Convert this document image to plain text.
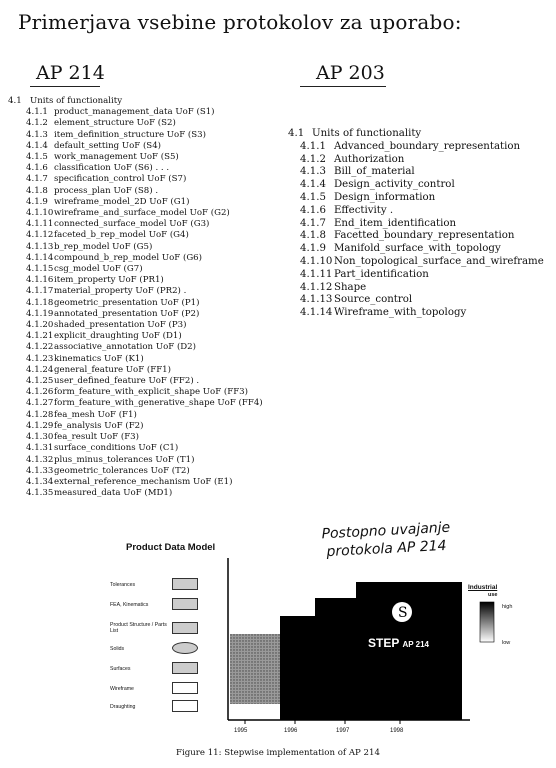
Primerjava vsebine protokolov za uporabo:
AP 214	AP 203
4.1 Units of functionality
4.1.1 product_management_data UoF (S1)
4.1.2 element_structure UoF (S2)
4.1.3 item_definition_structure UoF (S3)
4.1.4 default_setting UoF (S4)
4.1.5 work_management UoF (S5)
4.1.6 classification UoF (S6) . . .
4.1.7 specification_control UoF (S7)
4.1.8 process_plan UoF (S8) .
4.1.9 wireframe_model_2D UoF (G1)
4.1.10 wireframe_and_surface_model UoF (G2)
4.1.11 connected_surface_model UoF (G3)
4.1.12 faceted_b_rep_model UoF (G4)
4.1.13 b_rep_model UoF (G5)
4.1.14 compound_b_rep_model UoF (G6)
4.1.15 csg_model UoF (G7)
4.1.16 item_property UoF (PR1)
4.1.17 material_property UoF (PR2) .
4.1.18 geometric_presentation UoF (P1)
4.1.19 annotated_presentation UoF (P2)
4.1.20 shaded_presentation UoF (P3)
4.1.21 explicit_draughting UoF (D1)
4.1.22 associative_annotation UoF (D2)
4.1.23 kinematics UoF (K1)
4.1.24 general_feature UoF (FF1)
4.1.25 user_defined_feature UoF (FF2) .
4.1.26 form_feature_with_explicit_shape UoF (FF3)
4.1.27 form_feature_with_generative_shape UoF (FF4)
4.1.28 fea_mesh UoF (F1)
4.1.29 fe_analysis UoF (F2)
4.1.30 fea_result UoF (F3)
4.1.31 surface_conditions UoF (C1)
4.1.32 plus_minus_tolerances UoF (T1)
4.1.33 geometric_tolerances UoF (T2)
4.1.34 external_reference_mechanism UoF (E1)
4.1.35 measured_data UoF (MD1)
4.1 Units of functionality
4.1.1 Advanced_boundary_representation
4.1.2 Authorization
4.1.3 Bill_of_material
4.1.4 Design_activity_control
4.1.5 Design_information
4.1.6 Effectivity .
4.1.7 End_item_identification
4.1.8 Facetted_boundary_representation
4.1.9 Manifold_surface_with_topology
4.1.10 Non_topological_surface_and_wireframe
4.1.11 Part_identification
4.1.12 Shape
4.1.13 Source_control
4.1.14 Wireframe_with_topology
Postopno uvajanje
protokola AP 214
Product Data Model
S
STEP AP 214
Tolerances
FEA, Kinematics
Product Structure / Parts List
Solids
Surfaces
Wireframe
Draughting
1995	1996	1997	1998
Industrial
use
high
low
Figure 11: Stepwise implementation of AP 214
